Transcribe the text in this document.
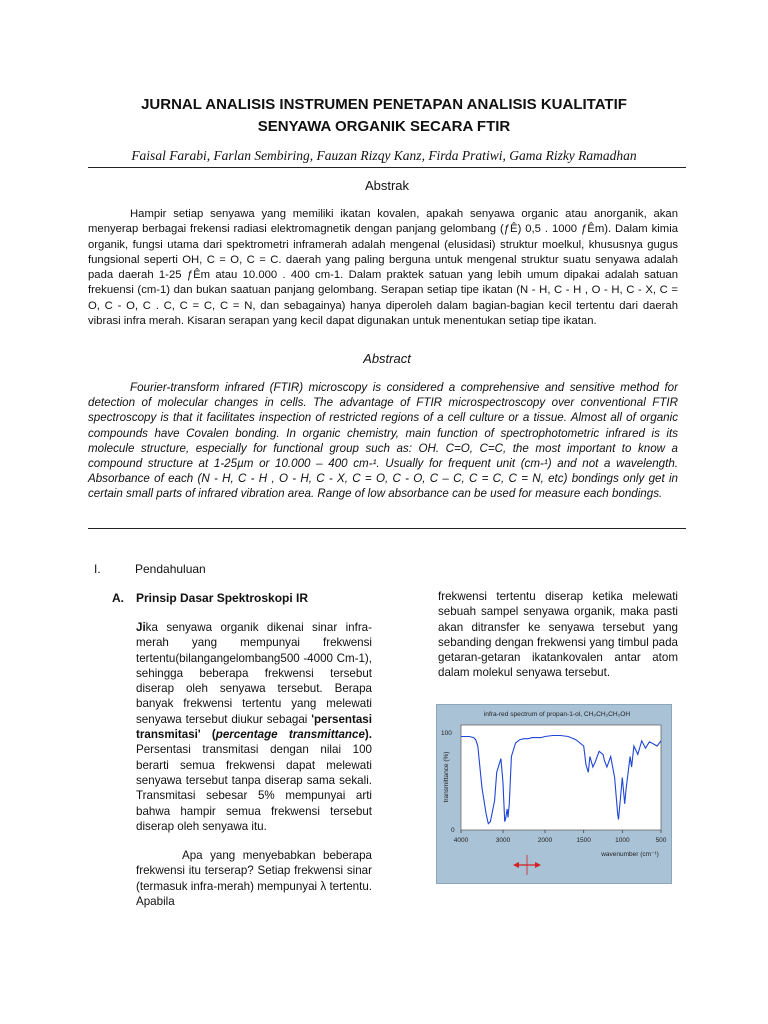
JURNAL ANALISIS INSTRUMEN PENETAPAN ANALISIS KUALITATIF
SENYAWA ORGANIK SECARA FTIR
Faisal Farabi, Farlan Sembiring, Fauzan Rizqy Kanz, Firda Pratiwi, Gama Rizky Ramadhan
Abstrak
Hampir setiap senyawa yang memiliki ikatan kovalen, apakah senyawa organic atau anorganik, akan menyerap berbagai frekensi radiasi elektromagnetik dengan panjang gelombang (ƒÊ) 0,5 . 1000 ƒÊm). Dalam kimia organik, fungsi utama dari spektrometri inframerah adalah mengenal (elusidasi) struktur moelkul, khususnya gugus fungsional seperti OH, C = O, C = C. daerah yang paling berguna untuk mengenal struktur suatu senyawa adalah pada daerah 1-25 ƒÊm atau 10.000 . 400 cm-1. Dalam praktek satuan yang lebih umum dipakai adalah satuan frekuensi (cm-1) dan bukan saatuan panjang gelombang. Serapan setiap tipe ikatan (N - H, C - H , O - H, C - X, C = O, C - O, C . C, C = C, C = N, dan sebagainya) hanya diperoleh dalam bagian-bagian kecil tertentu dari daerah vibrasi infra merah. Kisaran serapan yang kecil dapat digunakan untuk menentukan setiap tipe ikatan.
Abstract
Fourier-transform infrared (FTIR) microscopy is considered a comprehensive and sensitive method for detection of molecular changes in cells. The advantage of FTIR microspectroscopy over conventional FTIR spectroscopy is that it facilitates inspection of restricted regions of a cell culture or a tissue. Almost all of organic compounds have Covalen bonding. In organic chemistry, main function of spectrophotometric infrared is its molecule structure, especially for functional group such as: OH. C=O, C=C, the most important to know a compound structure at 1-25µm or 10.000 – 400 cm-¹. Usually for frequent unit (cm-¹) and not a wavelength. Absorbance of each (N - H, C - H , O - H, C - X, C = O, C - O, C – C, C = C, C = N, etc) bondings only get in certain small parts of infrared vibration area. Range of low absorbance can be used for measure each bondings.
I.	Pendahuluan
A. Prinsip Dasar Spektroskopi IR

Jika senyawa organik dikenai sinar infra-merah yang mempunyai frekwensi tertentu(bilangangelombang500 -4000 Cm-1), sehingga beberapa frekwensi tersebut diserap oleh senyawa tersebut. Berapa banyak frekwensi tertentu yang melewati senyawa tersebut diukur sebagai 'persentasi transmitasi' (percentage transmittance). Persentasi transmitasi dengan nilai 100 berarti semua frekwensi dapat melewati senyawa tersebut tanpa diserap sama sekali. Transmitasi sebesar 5% mempunyai arti bahwa hampir semua frekwensi tersebut diserap oleh senyawa itu.

Apa yang menyebabkan beberapa frekwensi itu terserap? Setiap frekwensi sinar (termasuk infra-merah) mempunyai λ tertentu. Apabila

frekwensi tertentu diserap ketika melewati sebuah sampel senyawa organik, maka pasti akan ditransfer ke senyawa tersebut yang sebanding dengan frekwensi yang timbul pada getaran-getaran ikatankovalen antar atom dalam molekul senyawa tersebut.

infra-red spectrum of propan-1-ol, CH₃CH₂CH₂OH
transmittance (%)
100
0
4000	3000	2000	1500	1000	500
wavenumber (cm⁻¹)
